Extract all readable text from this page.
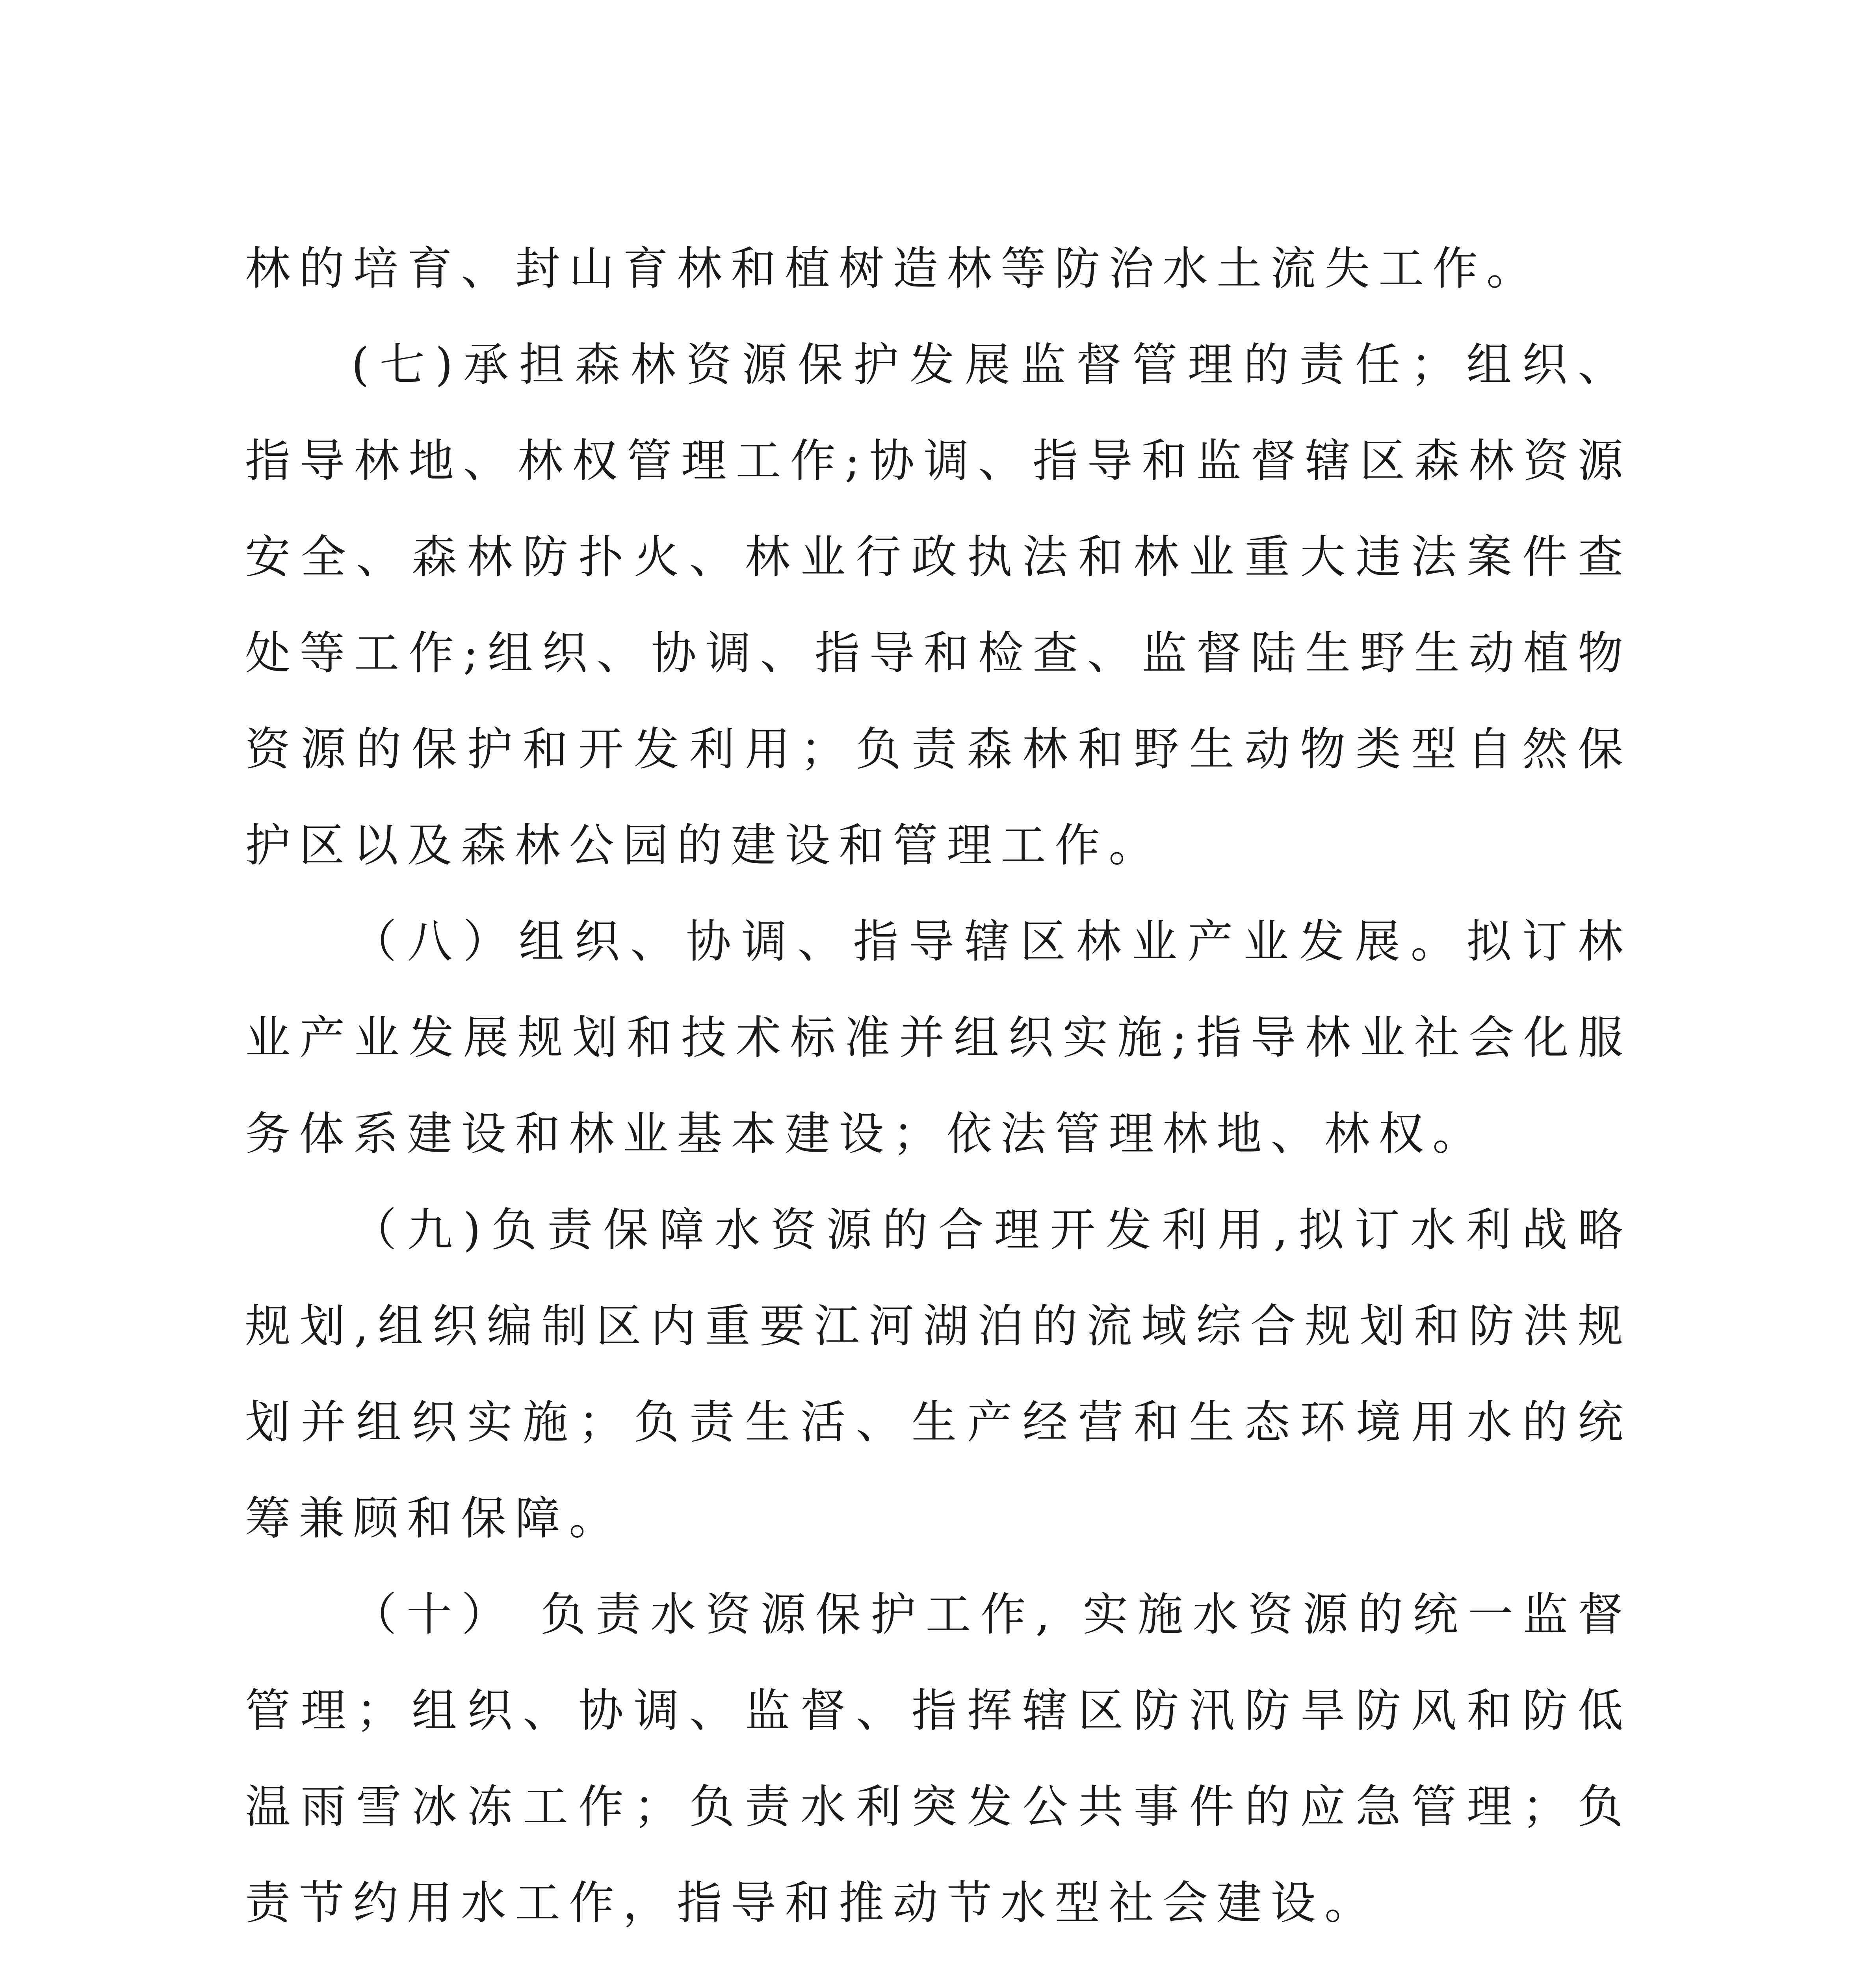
林的培育、封山育林和植树造林等防治水土流失工作。

(七)承担森林资源保护发展监督管理的责任；组织、指导林地、林权管理工作;协调、指导和监督辖区森林资源安全、森林防扑火、林业行政执法和林业重大违法案件查处等工作;组织、协调、指导和检查、监督陆生野生动植物资源的保护和开发利用；负责森林和野生动物类型自然保护区以及森林公园的建设和管理工作。

（八）组织、协调、指导辖区林业产业发展。拟订林业产业发展规划和技术标准并组织实施;指导林业社会化服务体系建设和林业基本建设；依法管理林地、林权。

（九)负责保障水资源的合理开发利用,拟订水利战略规划,组织编制区内重要江河湖泊的流域综合规划和防洪规划并组织实施；负责生活、生产经营和生态环境用水的统筹兼顾和保障。

（十） 负责水资源保护工作, 实施水资源的统一监督管理；组织、协调、监督、指挥辖区防汛防旱防风和防低温雨雪冰冻工作；负责水利突发公共事件的应急管理；负责节约用水工作，指导和推动节水型社会建设。
